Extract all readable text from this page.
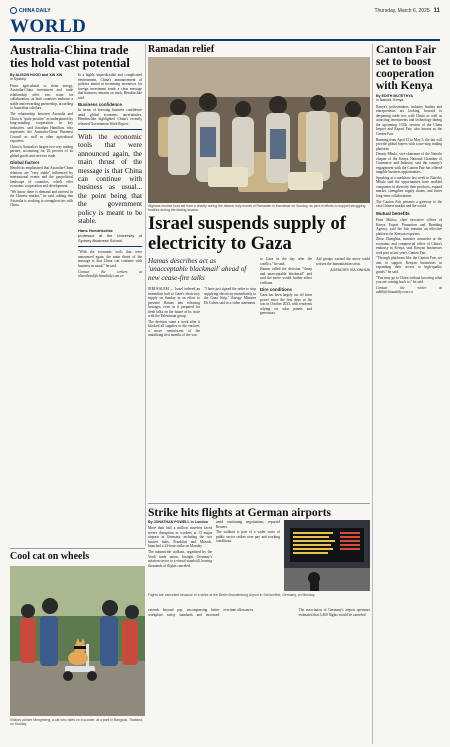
CHINA DAILY	Thursday, March 6, 2025 11
WORLD
Australia-China trade ties hold vast potential
By ALISON HOOD and XIN XIN
in Sydney

Firms agricultural to clean energy, Australia-China investment and trade relationship offer vast room for collaboration, as both countries embrace a stable and rewarding partnership, according to Australian scholars.

The relationship between Australia and China is "quite positive" as underpinned by long-standing cooperation in key industries, said Jonathan Hamilton, who represents the Australia-China Business Council as well as other agricultural exporters.

China is Australia's largest two-way trading partner, accounting for 26 percent of its global goods and services trade.

Global factors

Hendricks emphasized that Australia-China relations are "very stable" influenced by international events and the geopolitical landscape of countries, which offer economic cooperation and development.

"We know there is demand and interest in the Chinese market," he said, adding that Australia is working to strengthen ties with China.

In a highly unpredictable and complicated environment, China's announcement of policies aimed at increasing incentives for foreign investment sends a clear message that business remains on track, Hendrischke said.

Business confidence

In terms of boosting business confidence amid global economic uncertainties, Hendrischke highlighted China's recently released Government Work Report.

With the economic tools that were announced again, the main thrust of the message is that China can continue with business as usual... the point being that the government policy is meant to be stable.
Hans Hendrischke
professor at the University of Sydney Business School

"With the economic tools that were announced again, the main thrust of the message is that China can continue with business as usual," he said.

Contact the writers at alisonhood@chinadaily.com.cn

Ramadan relief
Afghans receive food aid from a charity during the Islamic holy month of Ramadan in Kandahar on Sunday, as part of efforts to support struggling families during the fasting season.
Israel suspends supply of electricity to Gaza
Hamas describes act as 'unacceptable blackmail' ahead of new cease-fire talks

JERUSALEM — Israel ordered an immediate halt to Gaza's electricity supply on Sunday in an effort to pressure Hamas into releasing hostages, even as it prepared for fresh talks on the future of its truce with the Palestinian group.

The decision came a week after it blocked all supplies to the enclave, a move reminiscent of the tantalizing first months of the war.

"I have just signed the order to stop supplying electricity immediately to the Gaza Strip," Energy Minister Eli Cohen said in a video statement.

to Gaza in the day after the conflict," he said.

Hamas called the decision "cheap and unacceptable blackmail" and said the move would further affect civilians.

Dire conditions

Gaza has been largely cut off from power since the first days of the war in October 2023, with residents relying on solar panels and generators.

Aid groups warned the move could worsen the humanitarian crisis.

AGENCIES VIA XINHUA

Strike hits flights at German airports
Flights are cancelled because of a strike at the Berlin Brandenburg Airport in Schönefeld, Germany, on Monday.
By JONATHAN POWELL in London

More than half a million travelers faced severe disruption as workers at 13 major airports in Germany, including the two busiest hubs, Frankfurt and Munich, launched a 24-hour strike on Monday.

The nationwide walkout, organized by the Verdi trade union, brought Germany's aviation sector to a virtual standstill, leaving thousands of flights canceled.

amid continuing negotiations, reported Reuters.

The walkout is part of a wider wave of public sector strikes over pay and working conditions.

extends beyond pay, encompassing better workplace safety standards and increased overtime allowances.	The association of Germany's airport operators estimated that 3,400 flights would be canceled.

Cool cat on wheels
Visitors admire Mengmeng, a cat who rides on a scooter, at a park in Bangkok, Thailand, on Sunday.
Canton Fair set to boost cooperation with Kenya
By EDITH MUTETHYA
in Nairobi, Kenya

Kenya's policymakers, industry leaders and entrepreneurs are looking forward to deepening trade ties with China as well as attracting investments and technology during the upcoming 137th session of the China Import and Export Fair, also known as the Canton Fair.

Running from April 15 to May 5, the fair will provide global buyers with a one-stop trading platform.

Dennis Mbulo, vice-chairman of the Nairobi chapter of the Kenya National Chamber of Commerce and Industry, said the country's engagement with the Canton Fair has offered tangible business opportunities.

Speaking at a roadshow last week in Nairobi, Mbulo said the opportunities have enabled companies to diversify their products, expand market, strengthen supply chains, and foster long-term collaborations.

The Canton Fair presents a gateway to the vast Chinese market and the world.

Mutual benefits

Peter Mutiso, chief executive officer of Kenya Export Promotion and Branding Agency, said the fair remains an effective platform for Kenyan exporters.

Zhou Zhonghua, minister counselor at the economic and commercial office of China's embassy in Kenya, said Kenyan businesses took part in last year's Canton Fair.

"Through platforms like the Canton Fair, we aim to support Kenyan businesses in expanding their access to high-quality goods," he said.

"You may go to China without knowing what you are coming back to," he said.

Contact the writer at edith@chinadaily.com.cn
